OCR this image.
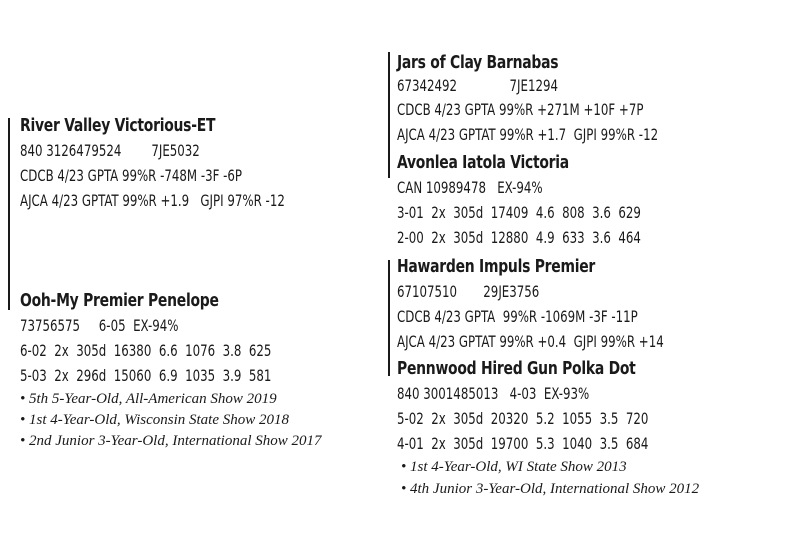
River Valley Victorious-ET
840 3126479524        7JE5032
CDCB 4/23 GPTA 99%R -748M -3F -6P
AJCA 4/23 GPTAT 99%R +1.9   GJPI 97%R -12
Ooh-My Premier Penelope
73756575     6-05  EX-94%
6-02  2x  305d  16380  6.6  1076  3.8  625
5-03  2x  296d  15060  6.9  1035  3.9  581
• 5th 5-Year-Old, All-American Show 2019
• 1st 4-Year-Old, Wisconsin State Show 2018
• 2nd Junior 3-Year-Old, International Show 2017
Jars of Clay Barnabas
67342492              7JE1294
CDCB 4/23 GPTA 99%R +271M +10F +7P
AJCA 4/23 GPTAT 99%R +1.7  GJPI 99%R -12
Avonlea Iatola Victoria
CAN 10989478   EX-94%
3-01  2x  305d  17409  4.6  808  3.6  629
2-00  2x  305d  12880  4.9  633  3.6  464
Hawarden Impuls Premier
67107510       29JE3756
CDCB 4/23 GPTA  99%R -1069M -3F -11P
AJCA 4/23 GPTAT 99%R +0.4  GJPI 99%R +14
Pennwood Hired Gun Polka Dot
840 3001485013   4-03  EX-93%
5-02  2x  305d  20320  5.2  1055  3.5  720
4-01  2x  305d  19700  5.3  1040  3.5  684
• 1st 4-Year-Old, WI State Show 2013
• 4th Junior 3-Year-Old, International Show 2012
